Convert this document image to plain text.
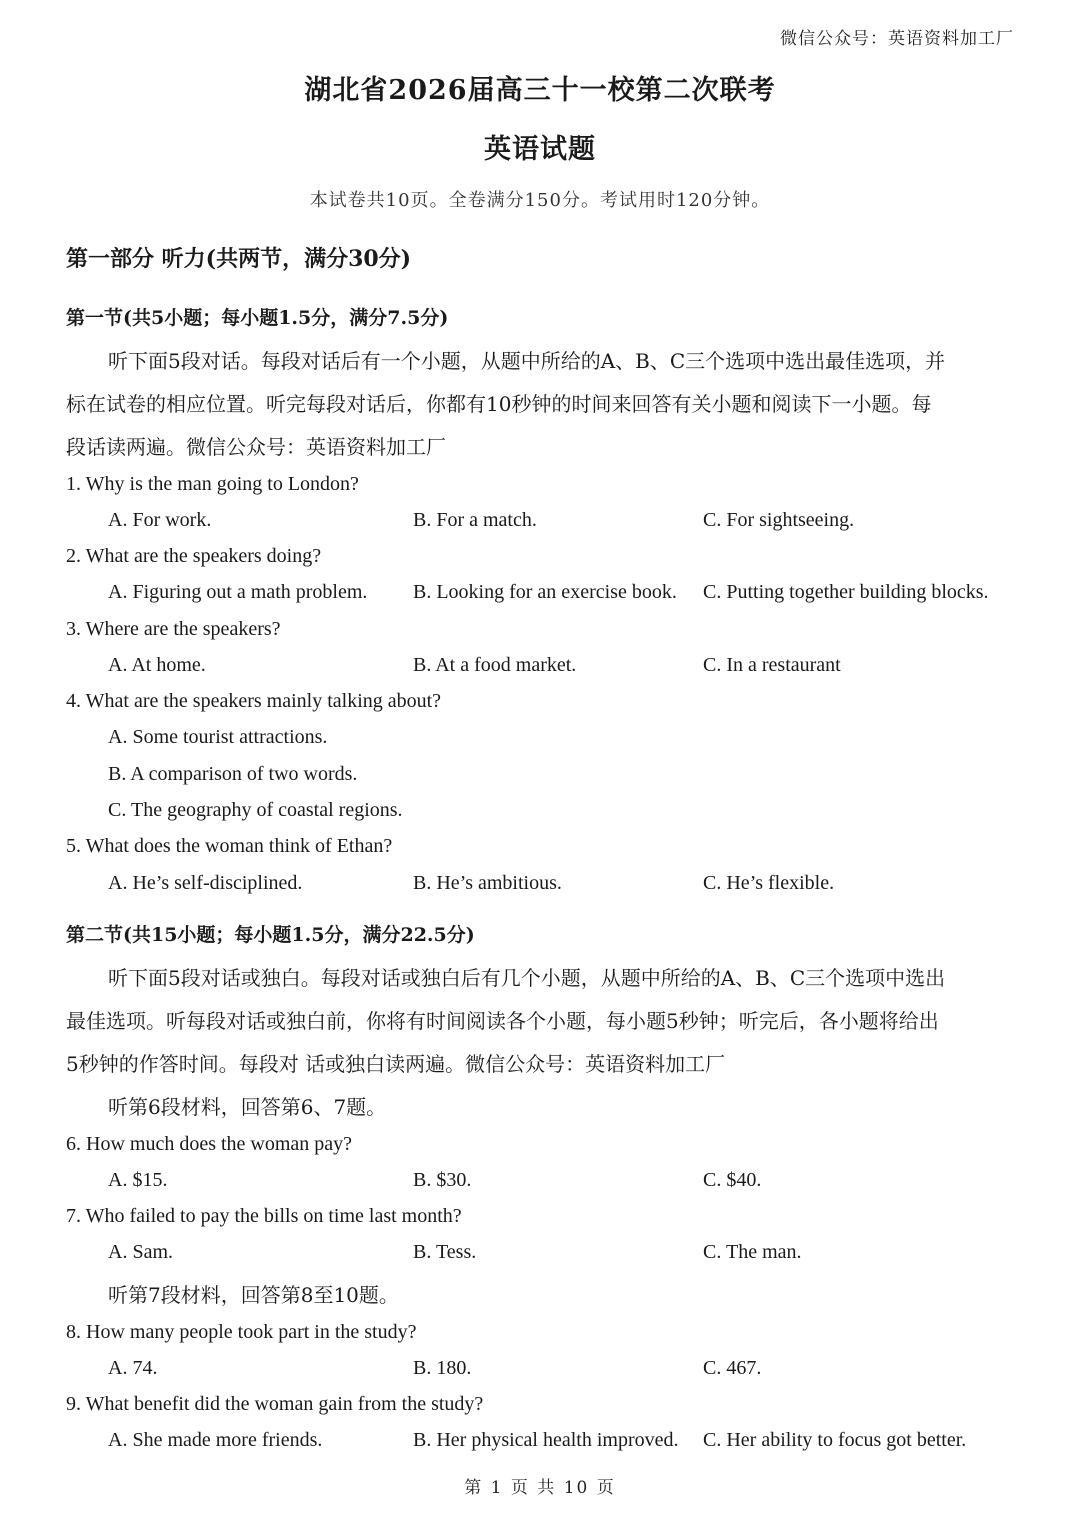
微信公众号：英语资料加工厂
湖北省2026届高三十一校第二次联考
英语试题
本试卷共10页。全卷满分150分。考试用时120分钟。
第一部分 听力(共两节，满分30分)
第一节(共5小题；每小题1.5分，满分7.5分)
听下面5段对话。每段对话后有一个小题，从题中所给的A、B、C三个选项中选出最佳选项，并
标在试卷的相应位置。听完每段对话后，你都有10秒钟的时间来回答有关小题和阅读下一小题。每
段话读两遍。微信公众号：英语资料加工厂
1. Why is the man going to London?
A. For work.	B. For a match.	C. For sightseeing.
2. What are the speakers doing?
A. Figuring out a math problem. B. Looking for an exercise book. C. Putting together building blocks.
3. Where are the speakers?
A. At home.	B. At a food market.	C. In a restaurant
4. What are the speakers mainly talking about?
A. Some tourist attractions.
B. A comparison of two words.
C. The geography of coastal regions.
5. What does the woman think of Ethan?
A. He’s self-disciplined.	B. He’s ambitious.	C. He’s flexible.
第二节(共15小题；每小题1.5分，满分22.5分)
听下面5段对话或独白。每段对话或独白后有几个小题，从题中所给的A、B、C三个选项中选出
最佳选项。听每段对话或独白前，你将有时间阅读各个小题，每小题5秒钟；听完后，各小题将给出
5秒钟的作答时间。每段对 话或独白读两遍。微信公众号：英语资料加工厂
听第6段材料，回答第6、7题。
6. How much does the woman pay?
A. $15.	B. $30.	C. $40.
7. Who failed to pay the bills on time last month?
A. Sam.	B. Tess.	C. The man.
听第7段材料，回答第8至10题。
8. How many people took part in the study?
A. 74.	B. 180.	C. 467.
9. What benefit did the woman gain from the study?
A. She made more friends.	B. Her physical health improved. C. Her ability to focus got better.
第 1 页 共 10 页
